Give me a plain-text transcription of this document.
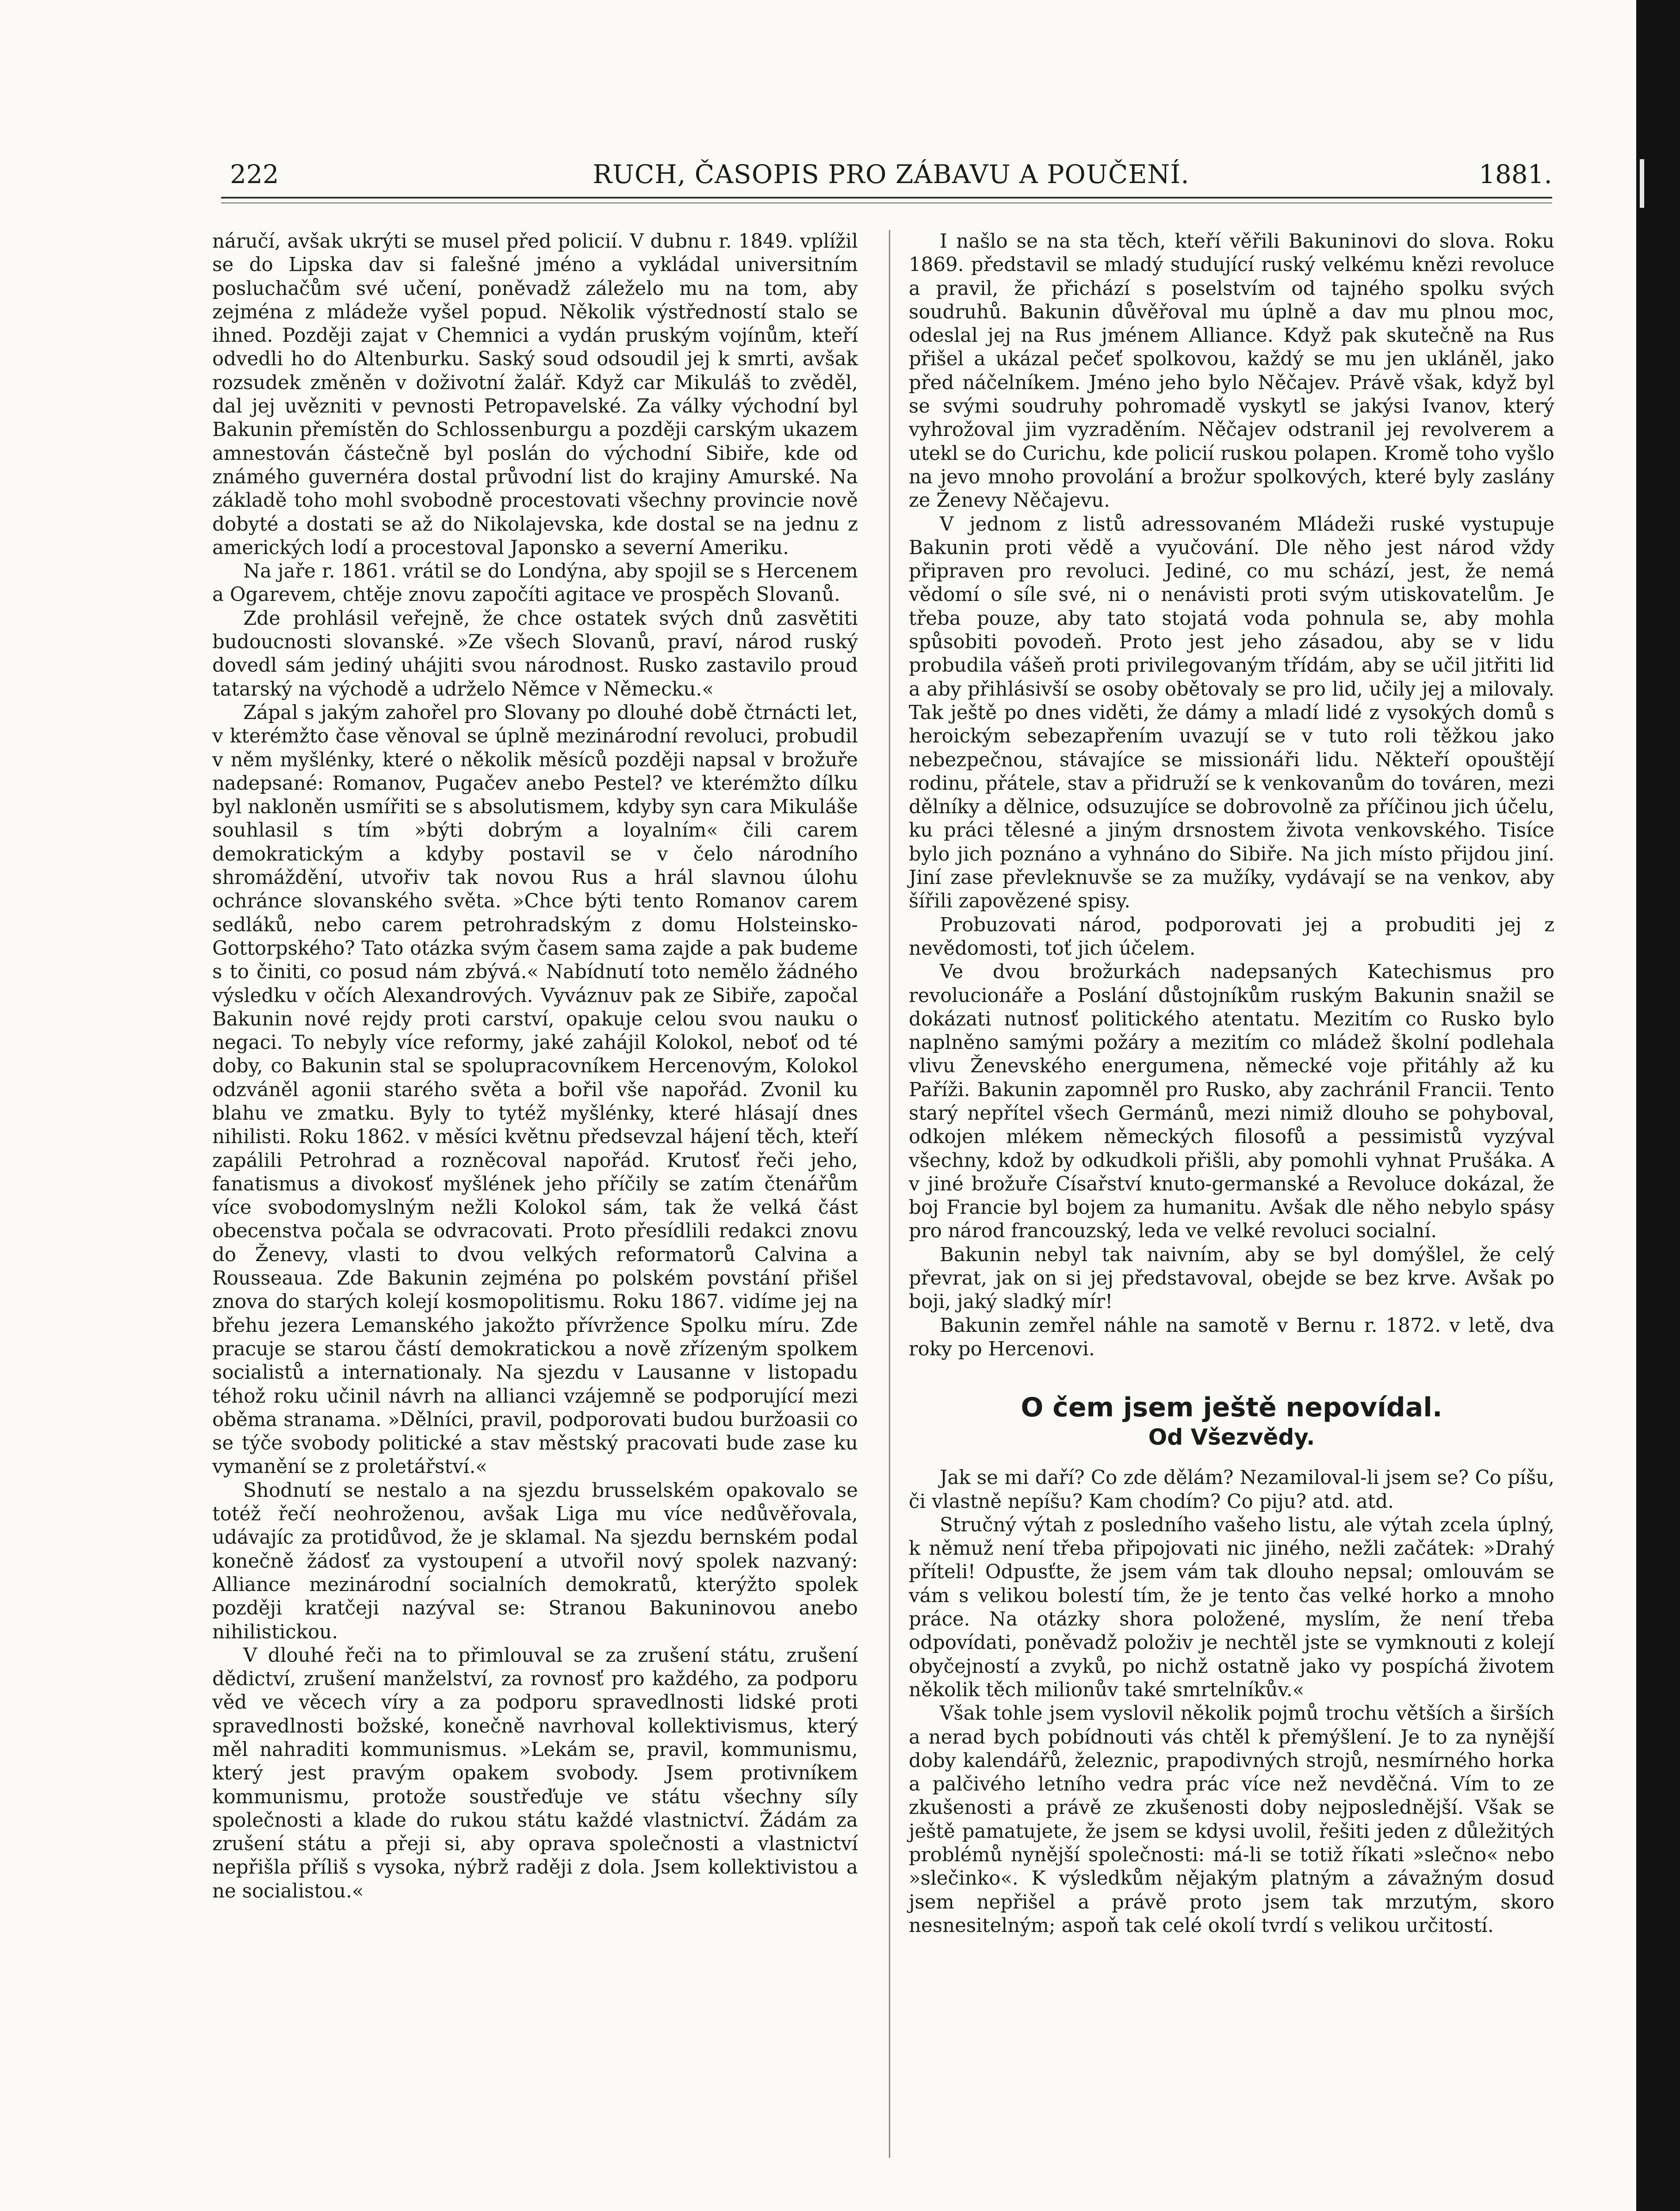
222	RUCH, ČASOPIS PRO ZÁBAVU A POUČENÍ.	1881.

náručí, avšak ukrýti se musel před policií. V dubnu r. 1849. vplížil se do Lipska dav si falešné jméno a vykládal universitním posluchačům své učení, poněvadž záleželo mu na tom, aby zejména z mládeže vyšel popud. Několik výstředností stalo se ihned. Později zajat v Chemnici a vydán pruským vojínům, kteří odvedli ho do Altenburku. Saský soud odsoudil jej k smrti, avšak rozsudek změněn v doživotní žalář. Když car Mikuláš to zvěděl, dal jej uvězniti v pevnosti Petropavelské. Za války východní byl Bakunin přemístěn do Schlossenburgu a později carským ukazem amnestován částečně byl poslán do východní Sibiře, kde od známého guvernéra dostal průvodní list do krajiny Amurské. Na základě toho mohl svobodně procestovati všechny provincie nově dobyté a dostati se až do Nikolajevska, kde dostal se na jednu z amerických lodí a procestoval Japonsko a severní Ameriku.

Na jaře r. 1861. vrátil se do Londýna, aby spojil se s Hercenem a Ogarevem, chtěje znovu započíti agitace ve prospěch Slovanů.

Zde prohlásil veřejně, že chce ostatek svých dnů zasvětiti budoucnosti slovanské. »Ze všech Slovanů, praví, národ ruský dovedl sám jediný uhájiti svou národnost. Rusko zastavilo proud tatarský na východě a udrželo Němce v Německu.«

Zápal s jakým zahořel pro Slovany po dlouhé době čtrnácti let, v kterémžto čase věnoval se úplně mezinárodní revoluci, probudil v něm myšlénky, které o několik měsíců později napsal v brožuře nadepsané: Romanov, Pugačev anebo Pestel? ve kterémžto dílku byl nakloněn usmířiti se s absolutismem, kdyby syn cara Mikuláše souhlasil s tím »býti dobrým a loyalním« čili carem demokratickým a kdyby postavil se v čelo národního shromáždění, utvořiv tak novou Rus a hrál slavnou úlohu ochránce slovanského světa. »Chce býti tento Romanov carem sedláků, nebo carem petrohradským z domu Holsteinsko-Gottorpského? Tato otázka svým časem sama zajde a pak budeme s to činiti, co posud nám zbývá.« Nabídnutí toto nemělo žádného výsledku v očích Alexandrových. Vyváznuv pak ze Sibiře, započal Bakunin nové rejdy proti carství, opakuje celou svou nauku o negaci. To nebyly více reformy, jaké zahájil Kolokol, neboť od té doby, co Bakunin stal se spolupracovníkem Hercenovým, Kolokol odzváněl agonii starého světa a bořil vše napořád. Zvonil ku blahu ve zmatku. Byly to tytéž myšlénky, které hlásají dnes nihilisti. Roku 1862. v měsíci květnu předsevzal hájení těch, kteří zapálili Petrohrad a rozněcoval napořád. Krutosť řeči jeho, fanatismus a divokosť myšlének jeho příčily se zatím čtenářům více svobodomyslným nežli Kolokol sám, tak že velká část obecenstva počala se odvracovati. Proto přesídlili redakci znovu do Ženevy, vlasti to dvou velkých reformatorů Calvina a Rousseaua. Zde Bakunin zejména po polském povstání přišel znova do starých kolejí kosmopolitismu. Roku 1867. vidíme jej na břehu jezera Lemanského jakožto přívržence Spolku míru. Zde pracuje se starou částí demokratickou a nově zřízeným spolkem socialistů a internationaly. Na sjezdu v Lausanne v listopadu téhož roku učinil návrh na allianci vzájemně se podporující mezi oběma stranama. »Dělníci, pravil, podporovati budou buržoasii co se týče svobody politické a stav městský pracovati bude zase ku vymanění se z proletářství.«

Shodnutí se nestalo a na sjezdu brusselském opakovalo se totéž řečí neohroženou, avšak Liga mu více nedůvěřovala, udávajíc za protidůvod, že je sklamal. Na sjezdu bernském podal konečně žádosť za vystoupení a utvořil nový spolek nazvaný: Alliance mezinárodní socialních demokratů, kterýžto spolek později kratčeji nazýval se: Stranou Bakuninovou anebo nihilistickou.

V dlouhé řeči na to přimlouval se za zrušení státu, zrušení dědictví, zrušení manželství, za rovnosť pro každého, za podporu věd ve věcech víry a za podporu spravedlnosti lidské proti spravedlnosti božské, konečně navrhoval kollektivismus, který měl nahraditi kommunismus. »Lekám se, pravil, kommunismu, který jest pravým opakem svobody. Jsem protivníkem kommunismu, protože soustřeďuje ve státu všechny síly společnosti a klade do rukou státu každé vlastnictví. Žádám za zrušení státu a přeji si, aby oprava společnosti a vlastnictví nepřišla příliš s vysoka, nýbrž raději z dola. Jsem kollektivistou a ne socialistou.«

I našlo se na sta těch, kteří věřili Bakuninovi do slova. Roku 1869. představil se mladý studující ruský velkému knězi revoluce a pravil, že přichází s poselstvím od tajného spolku svých soudruhů. Bakunin důvěřoval mu úplně a dav mu plnou moc, odeslal jej na Rus jménem Alliance. Když pak skutečně na Rus přišel a ukázal pečeť spolkovou, každý se mu jen ukláněl, jako před náčelníkem. Jméno jeho bylo Něčajev. Právě však, když byl se svými soudruhy pohromadě vyskytl se jakýsi Ivanov, který vyhrožoval jim vyzraděním. Něčajev odstranil jej revolverem a utekl se do Curichu, kde policií ruskou polapen. Kromě toho vyšlo na jevo mnoho provolání a brožur spolkových, které byly zaslány ze Ženevy Něčajevu.

V jednom z listů adressovaném Mládeži ruské vystupuje Bakunin proti vědě a vyučování. Dle něho jest národ vždy připraven pro revoluci. Jediné, co mu schází, jest, že nemá vědomí o síle své, ni o nenávisti proti svým utiskovatelům. Je třeba pouze, aby tato stojatá voda pohnula se, aby mohla spůsobiti povodeň. Proto jest jeho zásadou, aby se v lidu probudila vášeň proti privilegovaným třídám, aby se učil jitřiti lid a aby přihlásivší se osoby obětovaly se pro lid, učily jej a milovaly. Tak ještě po dnes viděti, že dámy a mladí lidé z vysokých domů s heroickým sebezapřením uvazují se v tuto roli těžkou jako nebezpečnou, stávajíce se missionáři lidu. Někteří opouštějí rodinu, přátele, stav a přidruží se k venkovanům do továren, mezi dělníky a dělnice, odsuzujíce se dobrovolně za příčinou jich účelu, ku práci tělesné a jiným drsnostem života venkovského. Tisíce bylo jich poznáno a vyhnáno do Sibiře. Na jich místo přijdou jiní. Jiní zase převleknuvše se za mužíky, vydávají se na venkov, aby šířili zapovězené spisy.

Probuzovati národ, podporovati jej a probuditi jej z nevědomosti, toť jich účelem.

Ve dvou brožurkách nadepsaných Katechismus pro revolucionáře a Poslání důstojníkům ruským Bakunin snažil se dokázati nutnosť politického atentatu. Mezitím co Rusko bylo naplněno samými požáry a mezitím co mládež školní podlehala vlivu Ženevského energumena, německé voje přitáhly až ku Paříži. Bakunin zapomněl pro Rusko, aby zachránil Francii. Tento starý nepřítel všech Germánů, mezi nimiž dlouho se pohyboval, odkojen mlékem německých filosofů a pessimistů vyzýval všechny, kdož by odkudkoli přišli, aby pomohli vyhnat Prušáka. A v jiné brožuře Císařství knuto-germanské a Revoluce dokázal, že boj Francie byl bojem za humanitu. Avšak dle něho nebylo spásy pro národ francouzský, leda ve velké revoluci socialní.

Bakunin nebyl tak naivním, aby se byl domýšlel, že celý převrat, jak on si jej představoval, obejde se bez krve. Avšak po boji, jaký sladký mír!

Bakunin zemřel náhle na samotě v Bernu r. 1872. v letě, dva roky po Hercenovi.

O čem jsem ještě nepovídal.
Od Všezvědy.

Jak se mi daří? Co zde dělám? Nezamiloval-li jsem se? Co píšu, či vlastně nepíšu? Kam chodím? Co piju? atd. atd.

Stručný výtah z posledního vašeho listu, ale výtah zcela úplný, k němuž není třeba připojovati nic jiného, nežli začátek: »Drahý příteli! Odpusťte, že jsem vám tak dlouho nepsal; omlouvám se vám s velikou bolestí tím, že je tento čas velké horko a mnoho práce. Na otázky shora položené, myslím, že není třeba odpovídati, poněvadž položiv je nechtěl jste se vymknouti z kolejí obyčejností a zvyků, po nichž ostatně jako vy pospíchá životem několik těch milionův také smrtelníkův.«

Však tohle jsem vyslovil několik pojmů trochu větších a širších a nerad bych pobídnouti vás chtěl k přemýšlení. Je to za nynější doby kalendářů, železnic, prapodivných strojů, nesmírného horka a palčivého letního vedra prác více než nevděčná. Vím to ze zkušenosti a právě ze zkušenosti doby nejposlednější. Však se ještě pamatujete, že jsem se kdysi uvolil, řešiti jeden z důležitých problémů nynější společnosti: má-li se totiž říkati »slečno« nebo »slečinko«. K výsledkům nějakým platným a závažným dosud jsem nepřišel a právě proto jsem tak mrzutým, skoro nesnesitelným; aspoň tak celé okolí tvrdí s velikou určitostí.
